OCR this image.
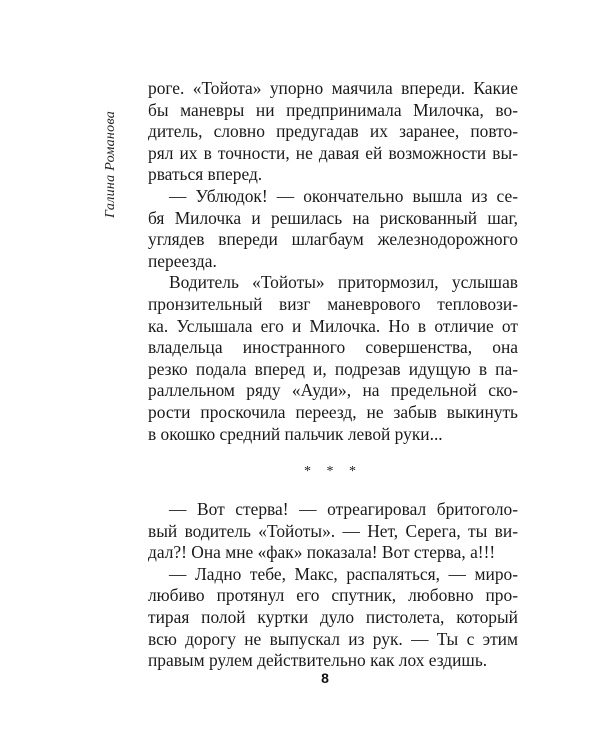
Галина Романова
роге. «Тойота» упорно маячила впереди. Какие
бы маневры ни предпринимала Милочка, во-
дитель, словно предугадав их заранее, повто-
рял их в точности, не давая ей возможности вы-
рваться вперед.
— Ублюдок! — окончательно вышла из се-
бя Милочка и решилась на рискованный шаг,
углядев впереди шлагбаум железнодорожного
переезда.
Водитель «Тойоты» притормозил, услышав
пронзительный визг маневрового тепловози-
ка. Услышала его и Милочка. Но в отличие от
владельца иностранного совершенства, она
резко подала вперед и, подрезав идущую в па-
раллельном ряду «Ауди», на предельной ско-
рости проскочила переезд, не забыв выкинуть
в окошко средний пальчик левой руки...
* * *
— Вот стерва! — отреагировал бритоголо-
вый водитель «Тойоты». — Нет, Серега, ты ви-
дал?! Она мне «фак» показала! Вот стерва, а!!!
— Ладно тебе, Макс, распаляться, — миро-
любиво протянул его спутник, любовно про-
тирая полой куртки дуло пистолета, который
всю дорогу не выпускал из рук. — Ты с этим
правым рулем действительно как лох ездишь.
8
